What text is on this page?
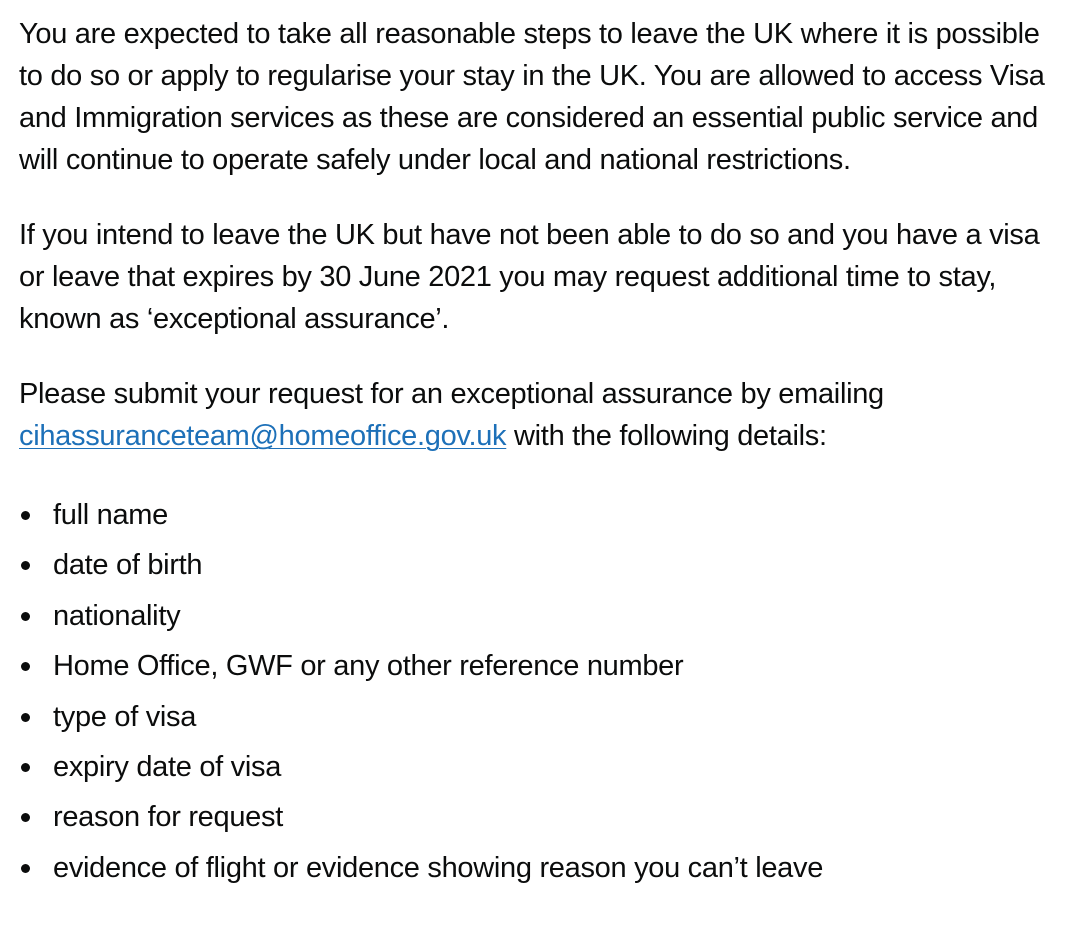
You are expected to take all reasonable steps to leave the UK where it is possible to do so or apply to regularise your stay in the UK. You are allowed to access Visa and Immigration services as these are considered an essential public service and will continue to operate safely under local and national restrictions.

If you intend to leave the UK but have not been able to do so and you have a visa or leave that expires by 30 June 2021 you may request additional time to stay, known as ‘exceptional assurance’.

Please submit your request for an exceptional assurance by emailing cihassuranceteam@homeoffice.gov.uk with the following details:

full name
date of birth
nationality
Home Office, GWF or any other reference number
type of visa
expiry date of visa
reason for request
evidence of flight or evidence showing reason you can’t leave
